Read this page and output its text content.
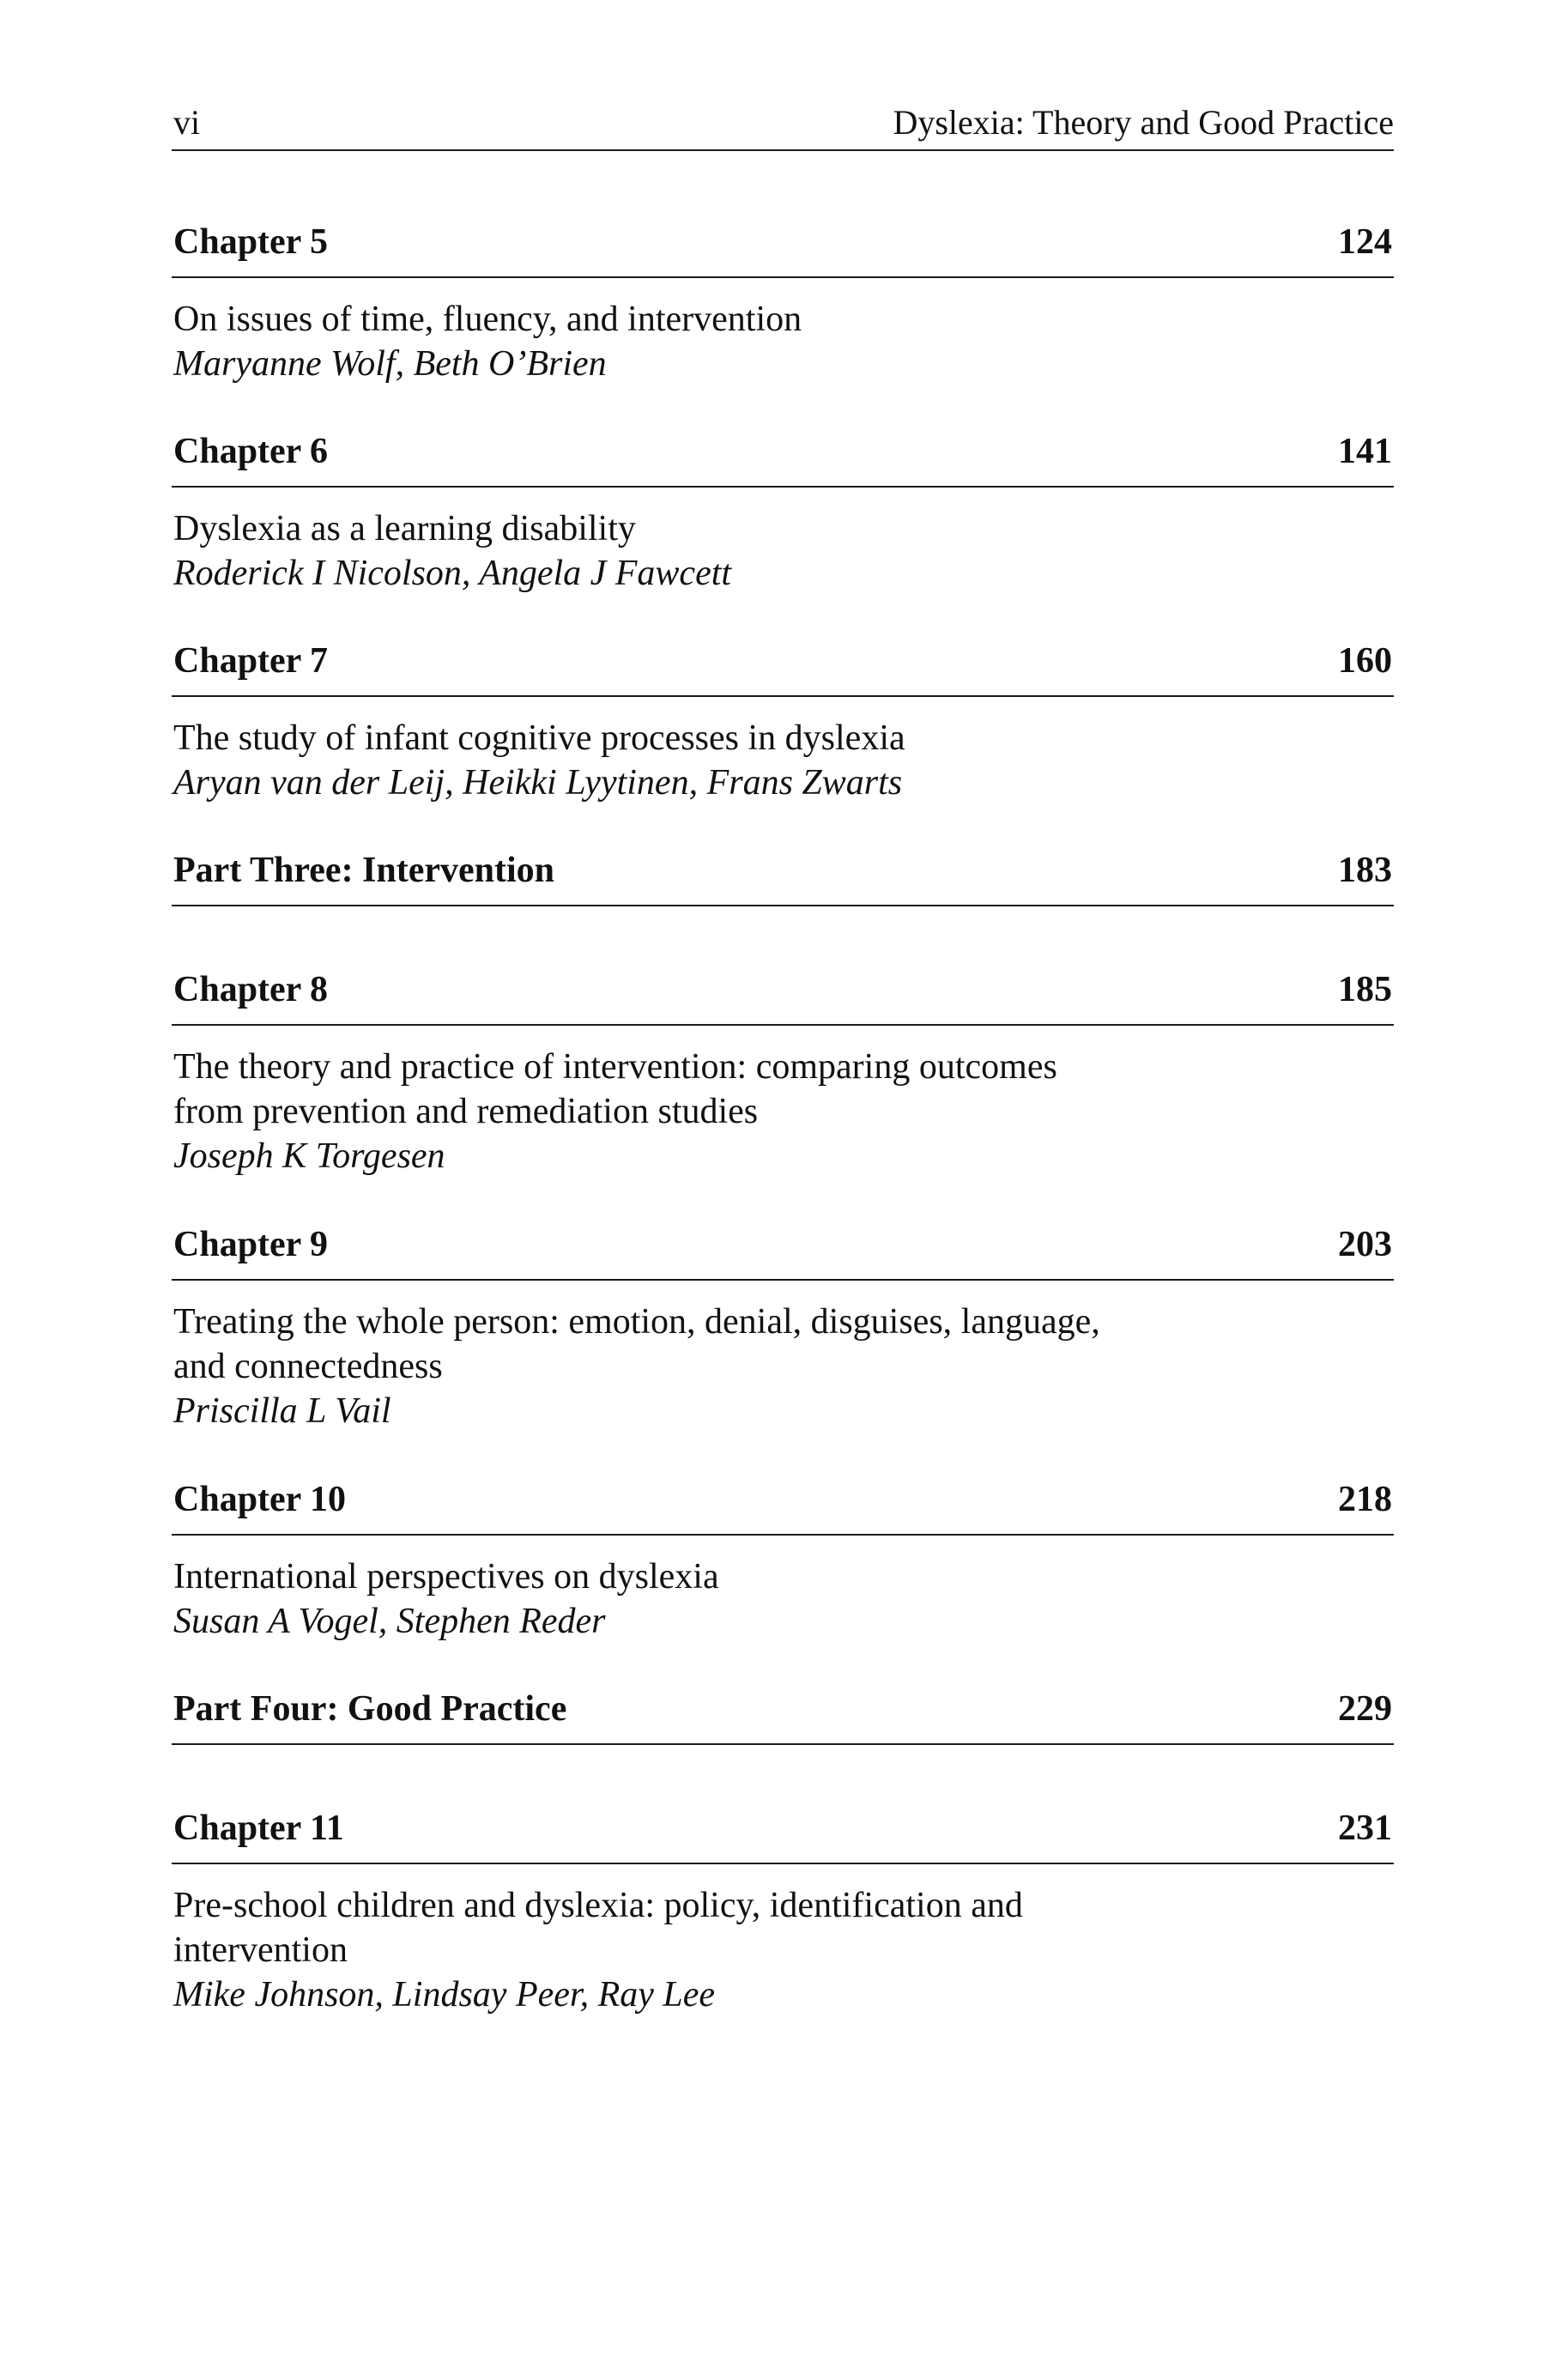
vi	Dyslexia: Theory and Good Practice
Chapter 5	124
On issues of time, fluency, and intervention
Maryanne Wolf, Beth O’Brien
Chapter 6	141
Dyslexia as a learning disability
Roderick I Nicolson, Angela J Fawcett
Chapter 7	160
The study of infant cognitive processes in dyslexia
Aryan van der Leij, Heikki Lyytinen, Frans Zwarts
Part Three: Intervention	183
Chapter 8	185
The theory and practice of intervention: comparing outcomes
from prevention and remediation studies
Joseph K Torgesen
Chapter 9	203
Treating the whole person: emotion, denial, disguises, language,
and connectedness
Priscilla L Vail
Chapter 10	218
International perspectives on dyslexia
Susan A Vogel, Stephen Reder
Part Four: Good Practice	229
Chapter 11	231
Pre-school children and dyslexia: policy, identification and
intervention
Mike Johnson, Lindsay Peer, Ray Lee
